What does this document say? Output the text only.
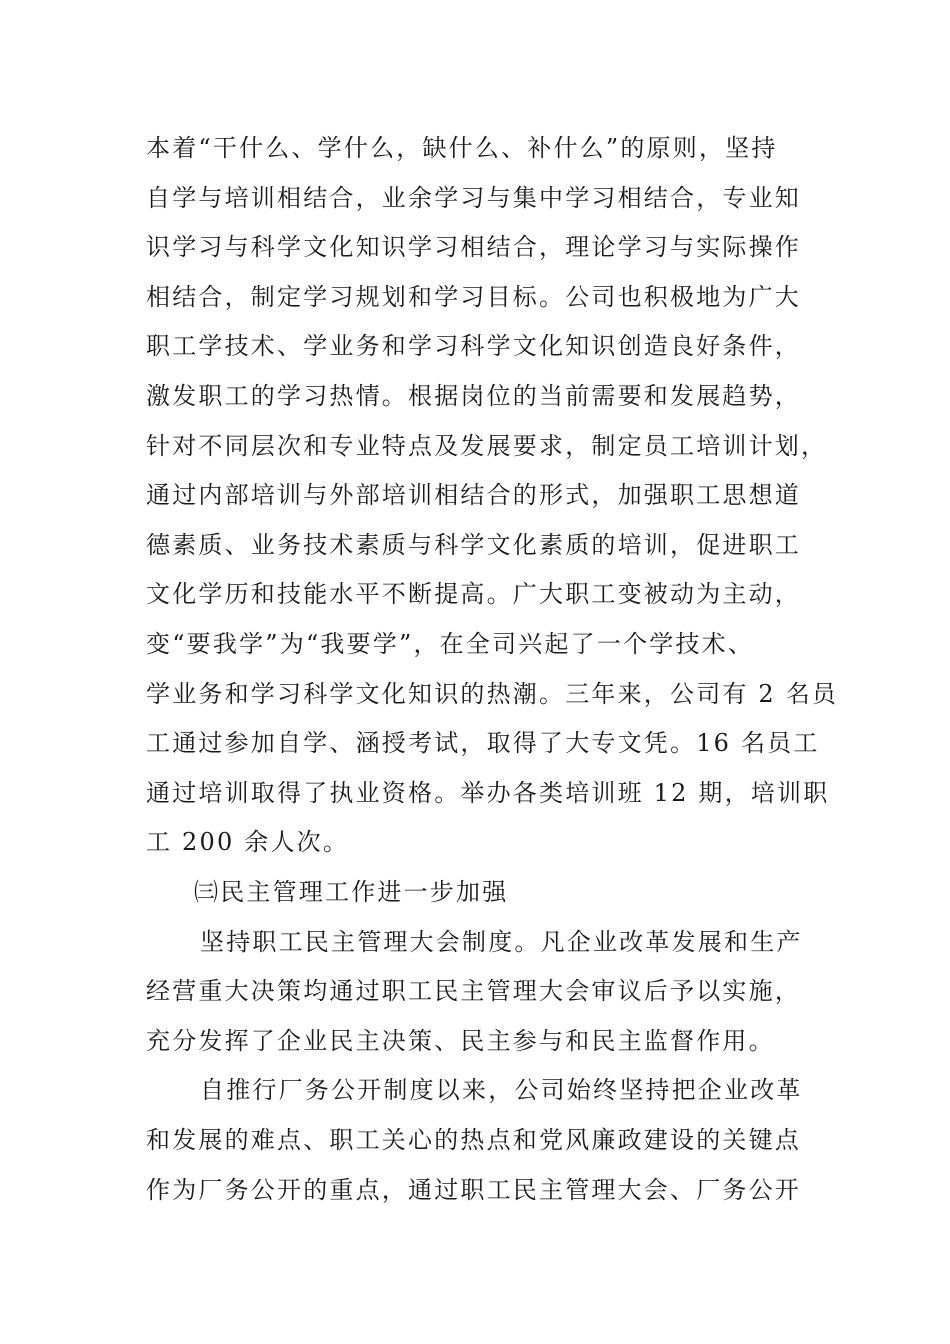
本着“干什么、学什么，缺什么、补什么”的原则，坚持
自学与培训相结合，业余学习与集中学习相结合，专业知
识学习与科学文化知识学习相结合，理论学习与实际操作
相结合，制定学习规划和学习目标。公司也积极地为广大
职工学技术、学业务和学习科学文化知识创造良好条件，
激发职工的学习热情。根据岗位的当前需要和发展趋势，
针对不同层次和专业特点及发展要求，制定员工培训计划，
通过内部培训与外部培训相结合的形式，加强职工思想道
德素质、业务技术素质与科学文化素质的培训，促进职工
文化学历和技能水平不断提高。广大职工变被动为主动，
变“要我学”为“我要学”，在全司兴起了一个学技术、
学业务和学习科学文化知识的热潮。三年来，公司有 2 名员
工通过参加自学、涵授考试，取得了大专文凭。16 名员工
通过培训取得了执业资格。举办各类培训班 12 期，培训职
工 200 余人次。
㈢民主管理工作进一步加强
坚持职工民主管理大会制度。凡企业改革发展和生产
经营重大决策均通过职工民主管理大会审议后予以实施，
充分发挥了企业民主决策、民主参与和民主监督作用。
自推行厂务公开制度以来，公司始终坚持把企业改革
和发展的难点、职工关心的热点和党风廉政建设的关键点
作为厂务公开的重点，通过职工民主管理大会、厂务公开
